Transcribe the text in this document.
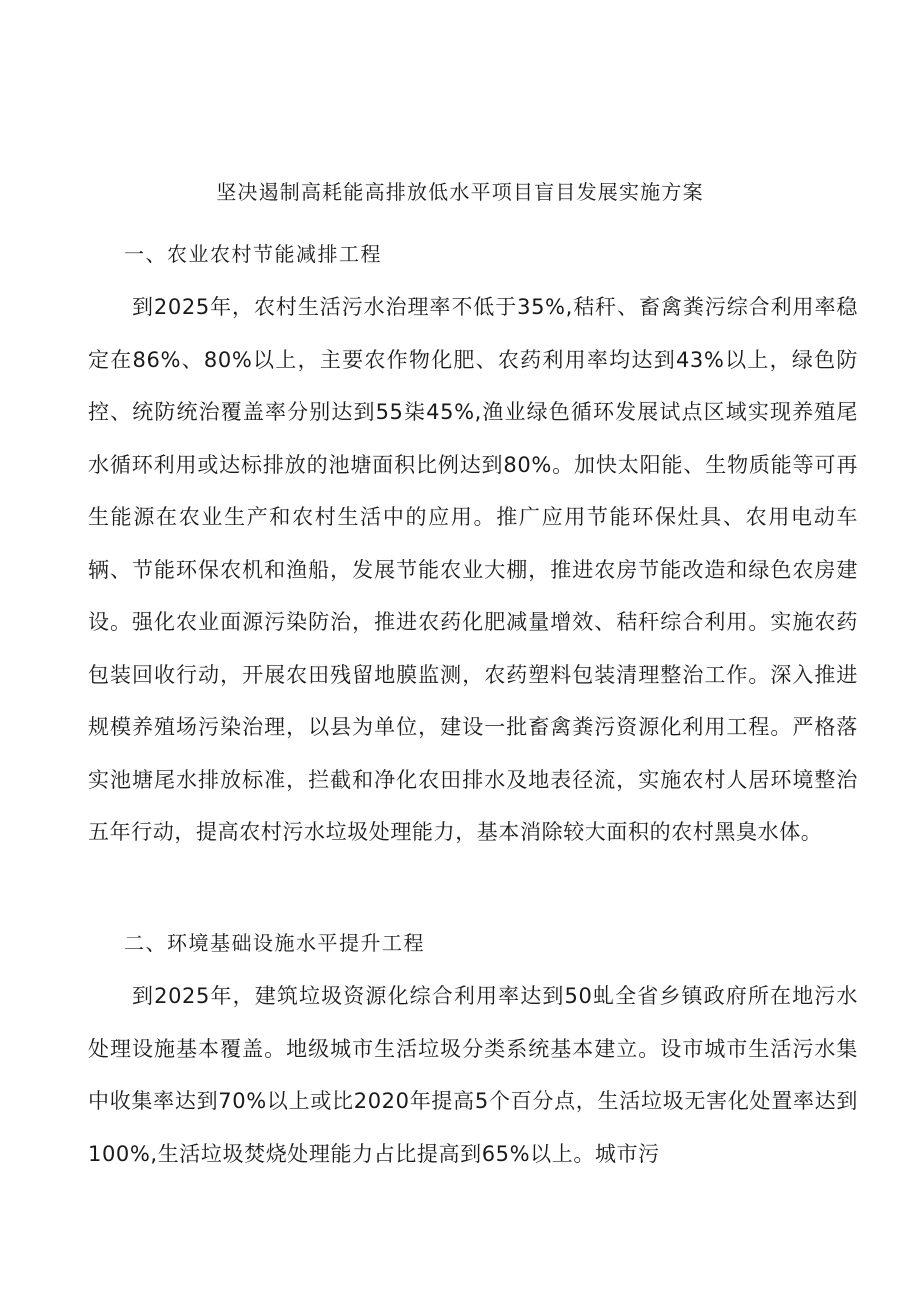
坚决遏制高耗能高排放低水平项目盲目发展实施方案
一、农业农村节能减排工程
到2025年，农村生活污水治理率不低于35%,秸秆、畜禽粪污综合利用率稳定在86%、80%以上，主要农作物化肥、农药利用率均达到43%以上，绿色防控、统防统治覆盖率分别达到55柒45%,渔业绿色循环发展试点区域实现养殖尾水循环利用或达标排放的池塘面积比例达到80%。加快太阳能、生物质能等可再生能源在农业生产和农村生活中的应用。推广应用节能环保灶具、农用电动车辆、节能环保农机和渔船，发展节能农业大棚，推进农房节能改造和绿色农房建设。强化农业面源污染防治，推进农药化肥减量增效、秸秆综合利用。实施农药包装回收行动，开展农田残留地膜监测，农药塑料包装清理整治工作。深入推进规模养殖场污染治理，以县为单位，建设一批畜禽粪污资源化利用工程。严格落实池塘尾水排放标准，拦截和净化农田排水及地表径流，实施农村人居环境整治五年行动，提高农村污水垃圾处理能力，基本消除较大面积的农村黑臭水体。
二、环境基础设施水平提升工程
到2025年，建筑垃圾资源化综合利用率达到50虬全省乡镇政府所在地污水处理设施基本覆盖。地级城市生活垃圾分类系统基本建立。设市城市生活污水集中收集率达到70%以上或比2020年提高5个百分点，生活垃圾无害化处置率达到100%,生活垃圾焚烧处理能力占比提高到65%以上。城市污
